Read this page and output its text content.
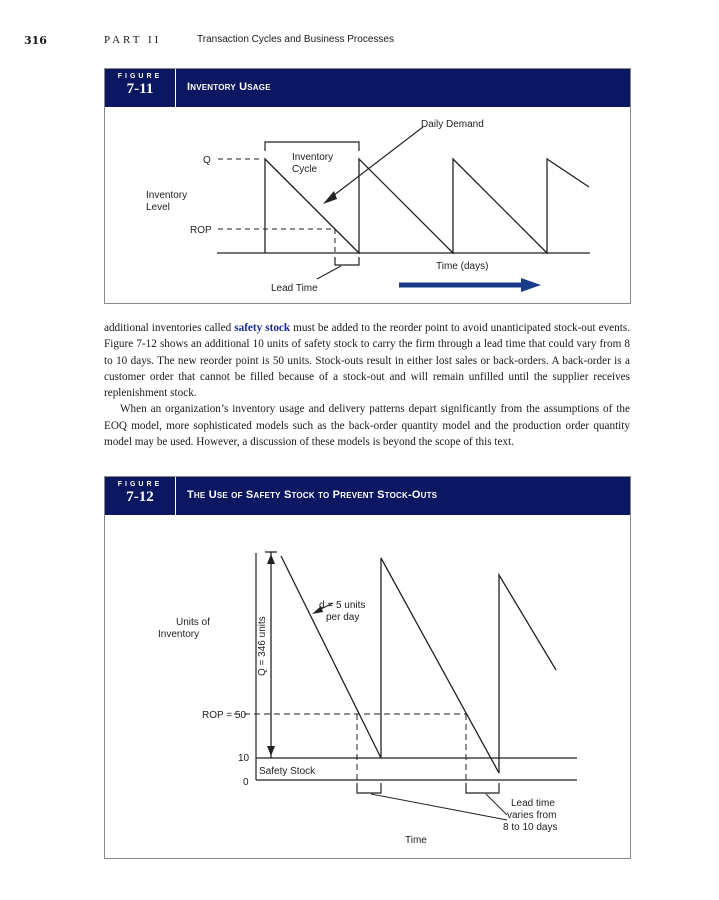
316	PART II	Transaction Cycles and Business Processes
FIGURE
7-11	Inventory Usage
Q
ROP
Inventory
Level
Inventory
Cycle
Daily Demand
Time (days)
Lead Time

additional inventories called safety stock must be added to the reorder point to avoid unanticipated stock-out events. Figure 7-12 shows an additional 10 units of safety stock to carry the firm through a lead time that could vary from 8 to 10 days. The new reorder point is 50 units. Stock-outs result in either lost sales or back-orders. A back-order is a customer order that cannot be filled because of a stock-out and will remain unfilled until the supplier receives replenishment stock.

When an organization’s inventory usage and delivery patterns depart significantly from the assumptions of the EOQ model, more sophisticated models such as the back-order quantity model and the production order quantity model may be used. However, a discussion of these models is beyond the scope of this text.

FIGURE
7-12	The Use of Safety Stock to Prevent Stock-Outs
Units of
Inventory	Q = 346 units
d = 5 units
per day
ROP = 50
10
0
Safety Stock
Lead time
varies from
8 to 10 days
Time
